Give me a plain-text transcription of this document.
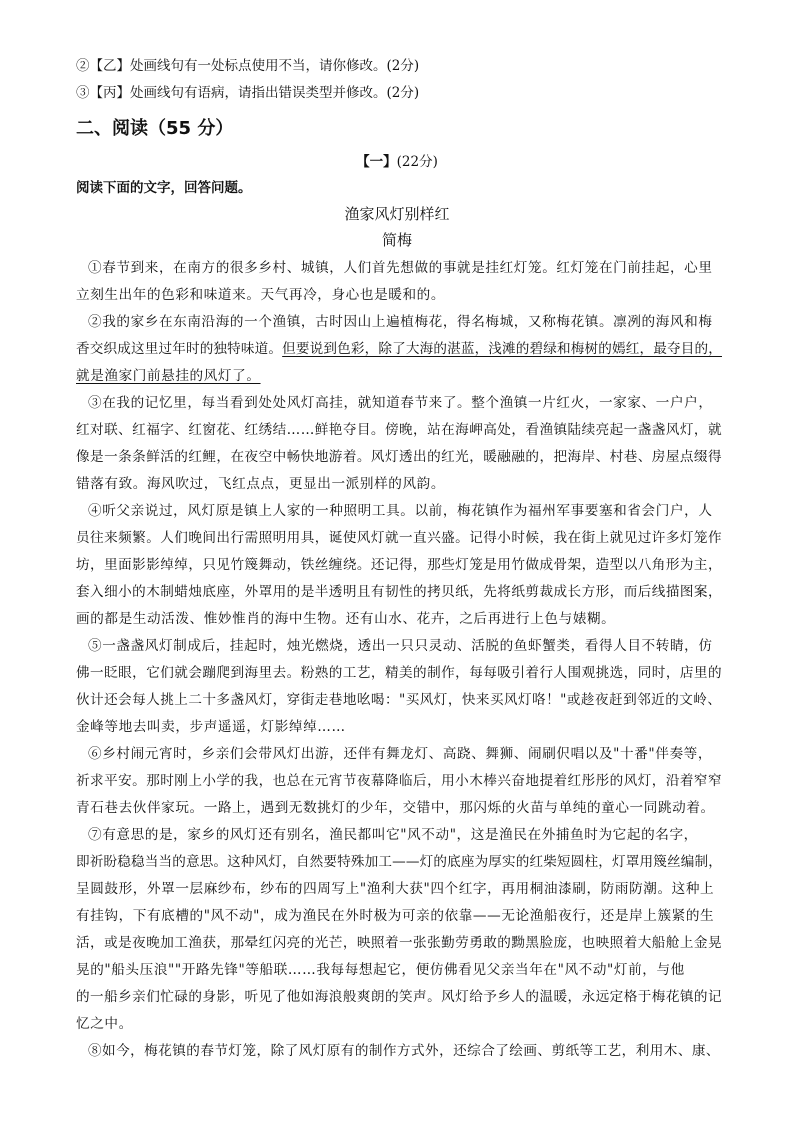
②【乙】处画线句有一处标点使用不当，请你修改。(2分)
③【丙】处画线句有语病，请指出错误类型并修改。(2分)
二、阅读（55 分）
【一】(22分)
阅读下面的文字，回答问题。
渔家风灯别样红
简梅
①春节到来，在南方的很多乡村、城镇，人们首先想做的事就是挂红灯笼。红灯笼在门前挂起，心里
立刻生出年的色彩和味道来。天气再冷，身心也是暖和的。
②我的家乡在东南沿海的一个渔镇，古时因山上遍植梅花，得名梅城，又称梅花镇。凛冽的海风和梅
香交织成这里过年时的独特味道。但要说到色彩，除了大海的湛蓝，浅滩的碧绿和梅树的嫣红，最夺目的，
就是渔家门前悬挂的风灯了。
③在我的记忆里，每当看到处处风灯高挂，就知道春节来了。整个渔镇一片红火，一家家、一户户，
红对联、红福字、红窗花、红绣结……鲜艳夺目。傍晚，站在海岬高处，看渔镇陆续亮起一盏盏风灯，就
像是一条条鲜活的红鲤，在夜空中畅快地游着。风灯透出的红光，暖融融的，把海岸、村巷、房屋点缀得
错落有致。海风吹过，飞红点点，更显出一派别样的风韵。
④听父亲说过，风灯原是镇上人家的一种照明工具。以前，梅花镇作为福州军事要塞和省会门户，人
员往来频繁。人们晚间出行需照明用具，诞使风灯就一直兴盛。记得小时候，我在街上就见过许多灯笼作
坊，里面影影绰绰，只见竹篾舞动，铁丝缠绕。还记得，那些灯笼是用竹做成骨架，造型以八角形为主，
套入细小的木制蜡烛底座，外罩用的是半透明且有韧性的拷贝纸，先将纸剪裁成长方形，而后线描图案，
画的都是生动活泼、惟妙惟肖的海中生物。还有山水、花卉，之后再进行上色与婊糊。
⑤一盏盏风灯制成后，挂起时，烛光燃烧，透出一只只灵动、活脱的鱼虾蟹类，看得人目不转睛，仿
佛一眨眼，它们就会蹦爬到海里去。粉熟的工艺，精美的制作，每每吸引着行人围观挑选，同时，店里的
伙计还会每人挑上二十多盏风灯，穿街走巷地吆喝："买风灯，快来买风灯咯！"或趁夜赶到邻近的文岭、
金峰等地去叫卖，步声遥遥，灯影绰绰……
⑥乡村闹元宵时，乡亲们会带风灯出游，还伴有舞龙灯、高跷、舞狮、闹刷伬唱以及"十番"伴奏等，
祈求平安。那时刚上小学的我，也总在元宵节夜幕降临后，用小木棒兴奋地提着红彤彤的风灯，沿着窄窄
青石巷去伙伴家玩。一路上，遇到无数挑灯的少年，交错中，那闪烁的火苗与单纯的童心一同跳动着。
⑦有意思的是，家乡的风灯还有别名，渔民都叫它"风不动"，这是渔民在外捕鱼时为它起的名字，
即祈盼稳稳当当的意思。这种风灯，自然要特殊加工——灯的底座为厚实的红柴短圆柱，灯罩用篾丝编制，
呈圆鼓形，外罩一层麻纱布，纱布的四周写上"渔利大获"四个红字，再用桐油漆刷，防雨防潮。这种上
有挂钩，下有底槽的"风不动"，成为渔民在外时极为可亲的依靠——无论渔船夜行，还是岸上簇紧的生
活，或是夜晚加工渔获，那晕红闪亮的光芒，映照着一张张勤劳勇敢的黝黑脸庞，也映照着大船舱上金晃
晃的"船头压浪""开路先锋"等船联……我每每想起它，便仿佛看见父亲当年在"风不动"灯前，与他
的一船乡亲们忙碌的身影，听见了他如海浪般爽朗的笑声。风灯给予乡人的温暖，永远定格于梅花镇的记
忆之中。
⑧如今，梅花镇的春节灯笼，除了风灯原有的制作方式外，还综合了绘画、剪纸等工艺，利用木、康、
